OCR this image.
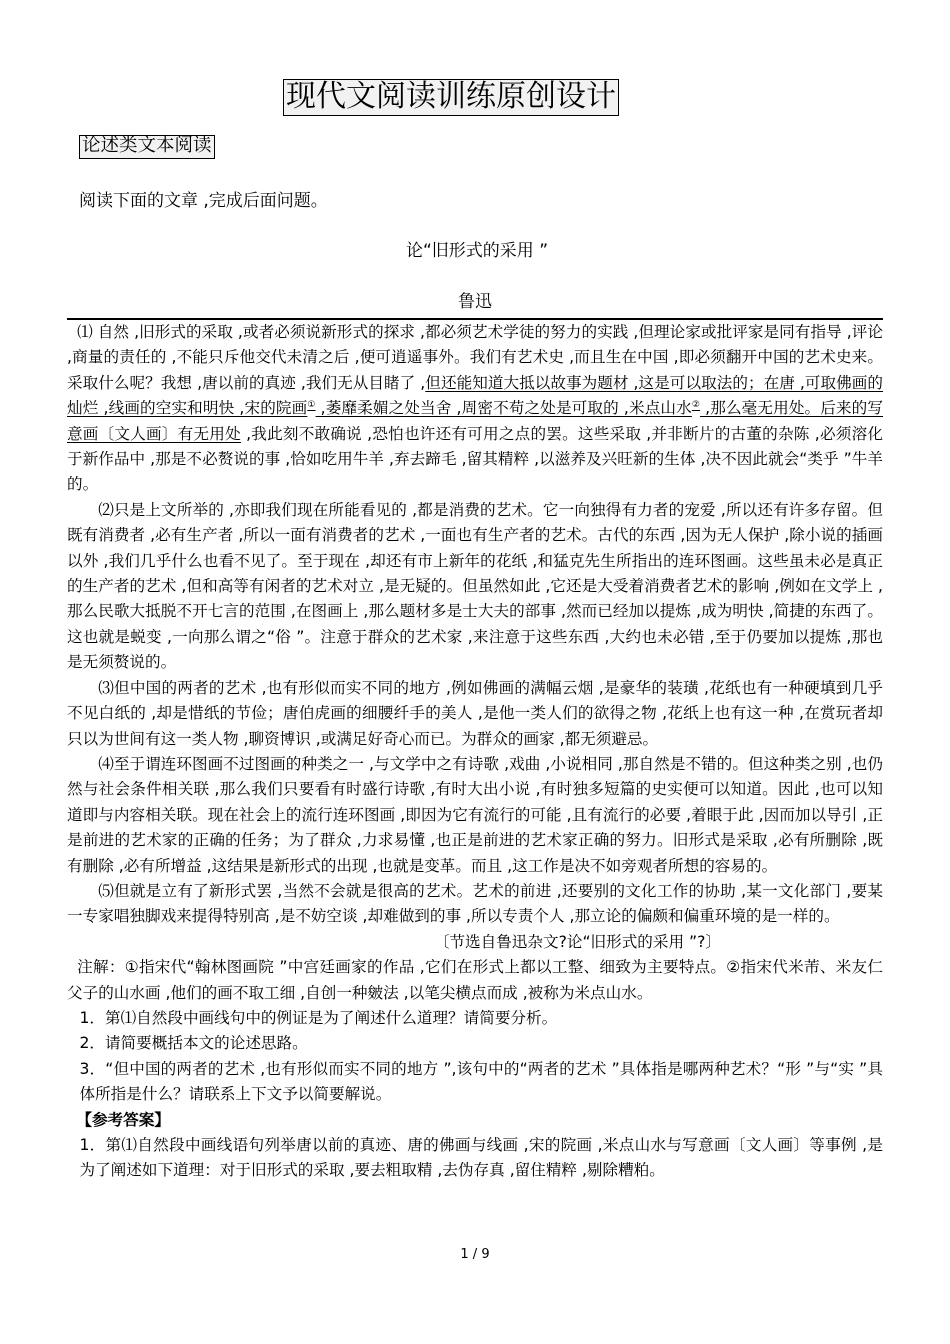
现代文阅读训练原创设计
论述类文本阅读
阅读下面的文章 ,完成后面问题。
论“旧形式的采用 ”
鲁迅

⑴ 自然 ,旧形式的采取 ,或者必须说新形式的探求 ,都必须艺术学徒的努力的实践 ,但理论家或批评家是同有指导 ,评论 ,商量的责任的 ,不能只斥他交代未清之后 ,便可逍遥事外。我们有艺术史 ,而且生在中国 ,即必须翻开中国的艺术史来。采取什么呢？我想 ,唐以前的真迹 ,我们无从目睹了 ,但还能知道大抵以故事为题材 ,这是可以取法的；在唐 ,可取佛画的灿烂 ,线画的空实和明快 ,宋的院画① ,萎靡柔媚之处当舍 ,周密不苟之处是可取的 ,米点山水② ,那么毫无用处。后来的写意画〔文人画〕有无用处 ,我此刻不敢确说 ,恐怕也许还有可用之点的罢。这些采取 ,并非断片的古董的杂陈 ,必须溶化于新作品中 ,那是不必赘说的事 ,恰如吃用牛羊 ,弃去蹄毛 ,留其精粹 ,以滋养及兴旺新的生体 ,决不因此就会“类乎 ”牛羊的。

⑵只是上文所举的 ,亦即我们现在所能看见的 ,都是消费的艺术。它一向独得有力者的宠爱 ,所以还有许多存留。但既有消费者 ,必有生产者 ,所以一面有消费者的艺术 ,一面也有生产者的艺术。古代的东西 ,因为无人保护 ,除小说的插画以外 ,我们几乎什么也看不见了。至于现在 ,却还有市上新年的花纸 ,和猛克先生所指出的连环图画。这些虽未必是真正的生产者的艺术 ,但和高等有闲者的艺术对立 ,是无疑的。但虽然如此 ,它还是大受着消费者艺术的影响 ,例如在文学上 ,那么民歌大抵脱不开七言的范围 ,在图画上 ,那么题材多是士大夫的部事 ,然而已经加以提炼 ,成为明快 ,简捷的东西了。这也就是蜕变 ,一向那么谓之“俗 ”。注意于群众的艺术家 ,来注意于这些东西 ,大约也未必错 ,至于仍要加以提炼 ,那也是无须赘说的。

⑶但中国的两者的艺术 ,也有形似而实不同的地方 ,例如佛画的满幅云烟 ,是豪华的装璜 ,花纸也有一种硬填到几乎不见白纸的 ,却是惜纸的节俭；唐伯虎画的细腰纤手的美人 ,是他一类人们的欲得之物 ,花纸上也有这一种 ,在赏玩者却只以为世间有这一类人物 ,聊资博识 ,或满足好奇心而已。为群众的画家 ,都无须避忌。

⑷至于谓连环图画不过图画的种类之一 ,与文学中之有诗歌 ,戏曲 ,小说相同 ,那自然是不错的。但这种类之别 ,也仍然与社会条件相关联 ,那么我们只要看有时盛行诗歌 ,有时大出小说 ,有时独多短篇的史实便可以知道。因此 ,也可以知道即与内容相关联。现在社会上的流行连环图画 ,即因为它有流行的可能 ,且有流行的必要 ,着眼于此 ,因而加以导引 ,正是前进的艺术家的正确的任务；为了群众 ,力求易懂 ,也正是前进的艺术家正确的努力。旧形式是采取 ,必有所删除 ,既有删除 ,必有所增益 ,这结果是新形式的出现 ,也就是变革。而且 ,这工作是决不如旁观者所想的容易的。

⑸但就是立有了新形式罢 ,当然不会就是很高的艺术。艺术的前进 ,还要别的文化工作的协助 ,某一文化部门 ,要某一专家唱独脚戏来提得特别高 ,是不妨空谈 ,却难做到的事 ,所以专责个人 ,那立论的偏颇和偏重环境的是一样的。

〔节选自鲁迅杂文?论“旧形式的采用 ”?〕

注解：①指宋代“翰林图画院 ”中宫廷画家的作品 ,它们在形式上都以工整、细致为主要特点。②指宋代米芾、米友仁父子的山水画 ,他们的画不取工细 ,自创一种皴法 ,以笔尖横点而成 ,被称为米点山水。

1．第⑴自然段中画线句中的例证是为了阐述什么道理？请简要分析。

2．请简要概括本文的论述思路。

3．“但中国的两者的艺术 ,也有形似而实不同的地方 ”,该句中的“两者的艺术 ”具体指是哪两种艺术？“形 ”与“实 ”具体所指是什么？请联系上下文予以简要解说。

【参考答案】

1．第⑴自然段中画线语句列举唐以前的真迹、唐的佛画与线画 ,宋的院画 ,米点山水与写意画〔文人画〕等事例 ,是为了阐述如下道理：对于旧形式的采取 ,要去粗取精 ,去伪存真 ,留住精粹 ,剔除糟粕。

1 / 9
